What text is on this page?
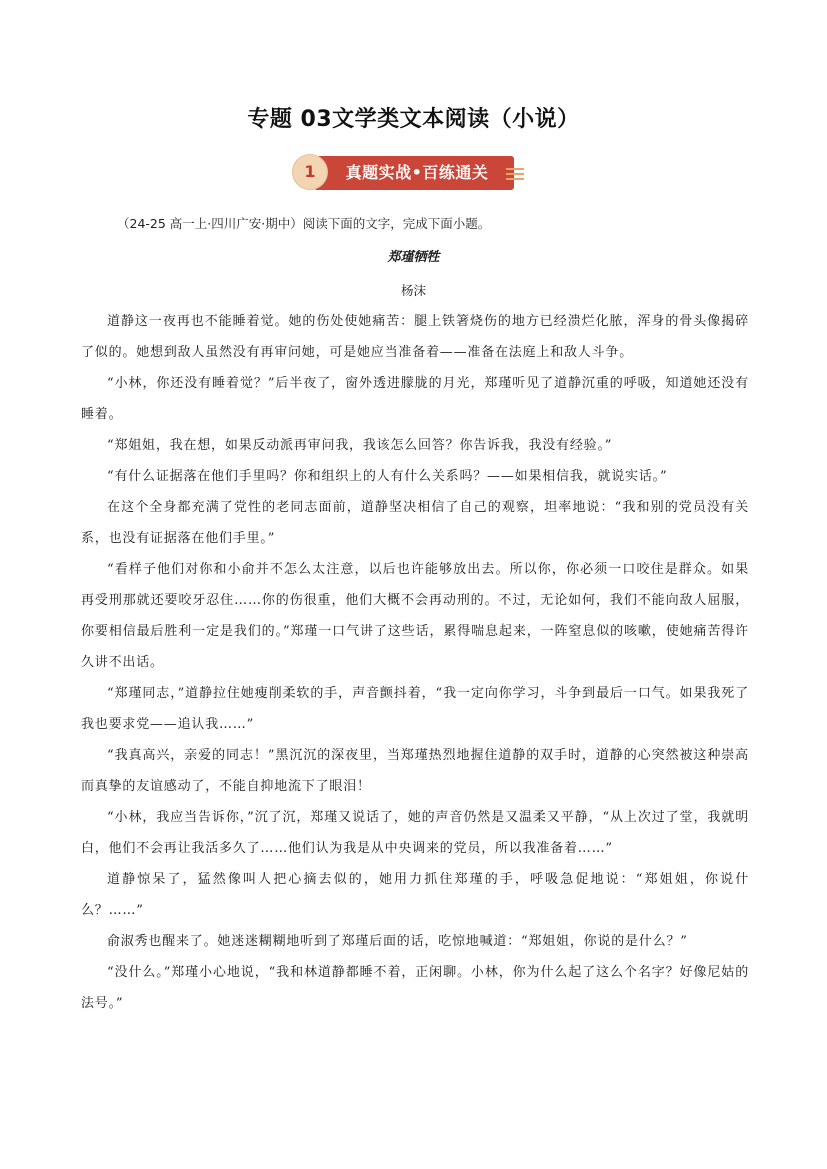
专题 03文学类文本阅读（小说）
1	真题实战•百练通关

（24-25 高一上·四川广安·期中）阅读下面的文字，完成下面小题。

郑瑾牺牲

杨沫

道静这一夜再也不能睡着觉。她的伤处使她痛苦：腿上铁箸烧伤的地方已经溃烂化脓，浑身的骨头像揭碎了似的。她想到敌人虽然没有再审问她，可是她应当准备着——准备在法庭上和敌人斗争。

“小林，你还没有睡着觉？”后半夜了，窗外透进朦胧的月光，郑瑾听见了道静沉重的呼吸，知道她还没有睡着。

“郑姐姐，我在想，如果反动派再审问我，我该怎么回答？你告诉我，我没有经验。”

“有什么证据落在他们手里吗？你和组织上的人有什么关系吗？——如果相信我，就说实话。”

在这个全身都充满了党性的老同志面前，道静坚决相信了自己的观察，坦率地说：“我和别的党员没有关系，也没有证据落在他们手里。”

“看样子他们对你和小俞并不怎么太注意，以后也许能够放出去。所以你，你必须一口咬住是群众。如果再受刑那就还要咬牙忍住……你的伤很重，他们大概不会再动刑的。不过，无论如何，我们不能向敌人屈服，你要相信最后胜利一定是我们的。”郑瑾一口气讲了这些话，累得喘息起来，一阵窒息似的咳嗽，使她痛苦得许久讲不出话。

“郑瑾同志，”道静拉住她瘦削柔软的手，声音颤抖着，“我一定向你学习，斗争到最后一口气。如果我死了我也要求党——追认我……”

“我真高兴，亲爱的同志！”黑沉沉的深夜里，当郑瑾热烈地握住道静的双手时，道静的心突然被这种崇高而真挚的友谊感动了，不能自抑地流下了眼泪！

“小林，我应当告诉你，”沉了沉，郑瑾又说话了，她的声音仍然是又温柔又平静，“从上次过了堂，我就明白，他们不会再让我活多久了……他们认为我是从中央调来的党员，所以我准备着……”

道静惊呆了，猛然像叫人把心摘去似的，她用力抓住郑瑾的手，呼吸急促地说：“郑姐姐，你说什么？……”

俞淑秀也醒来了。她迷迷糊糊地听到了郑瑾后面的话，吃惊地喊道：“郑姐姐，你说的是什么？”

“没什么。”郑瑾小心地说，“我和林道静都睡不着，正闲聊。小林，你为什么起了这么个名字？好像尼姑的法号。”
